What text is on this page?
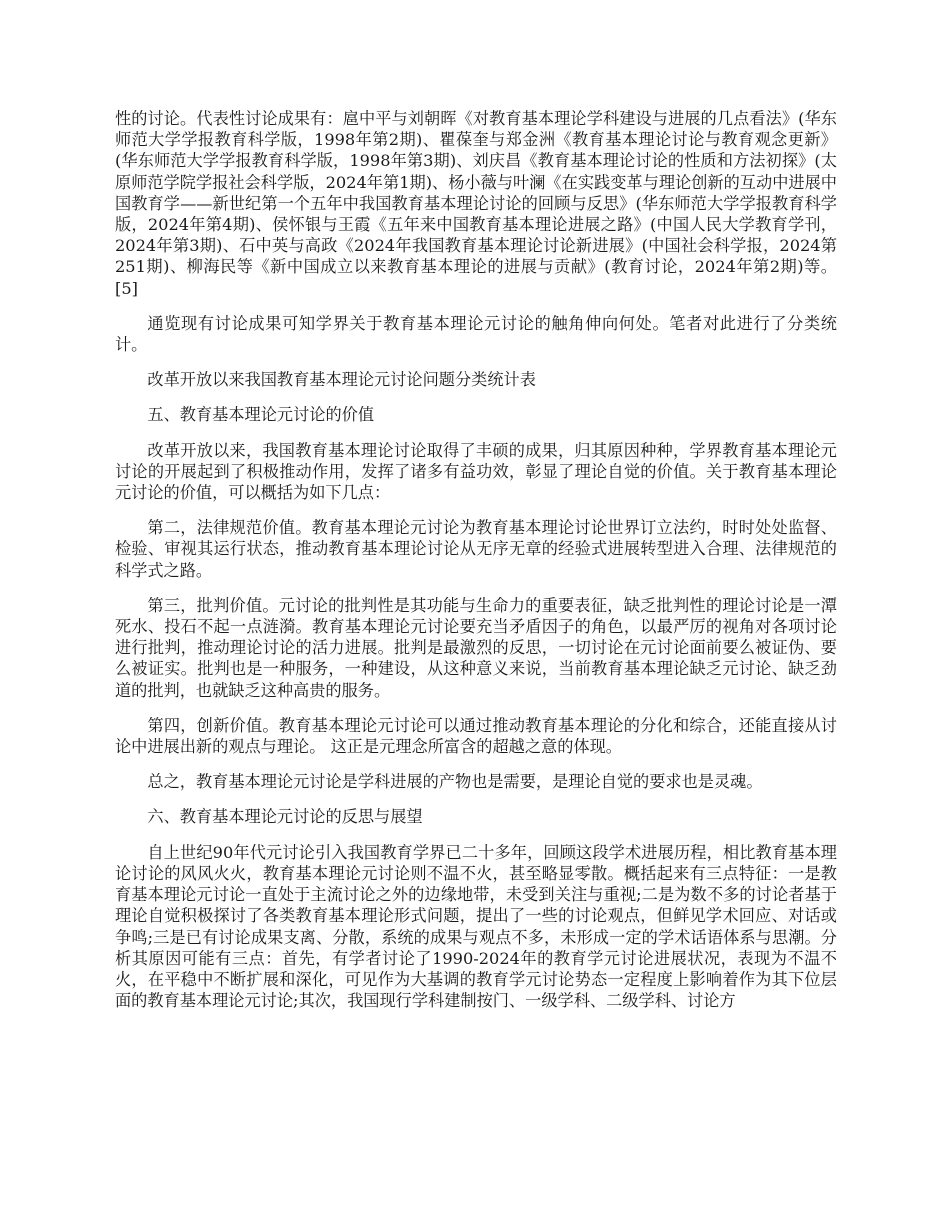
性的讨论。代表性讨论成果有：扈中平与刘朝晖《对教育基本理论学科建设与进展的几点看法》(华东师范大学学报教育科学版，1998年第2期)、瞿葆奎与郑金洲《教育基本理论讨论与教育观念更新》(华东师范大学学报教育科学版，1998年第3期)、刘庆昌《教育基本理论讨论的性质和方法初探》(太原师范学院学报社会科学版，2024年第1期)、杨小薇与叶澜《在实践变革与理论创新的互动中进展中国教育学——新世纪第一个五年中我国教育基本理论讨论的回顾与反思》(华东师范大学学报教育科学版，2024年第4期)、侯怀银与王霞《五年来中国教育基本理论进展之路》(中国人民大学教育学刊，2024年第3期)、石中英与高政《2024年我国教育基本理论讨论新进展》(中国社会科学报，2024第251期)、柳海民等《新中国成立以来教育基本理论的进展与贡献》(教育讨论，2024年第2期)等。[5]

通览现有讨论成果可知学界关于教育基本理论元讨论的触角伸向何处。笔者对此进行了分类统计。

改革开放以来我国教育基本理论元讨论问题分类统计表

五、教育基本理论元讨论的价值

改革开放以来，我国教育基本理论讨论取得了丰硕的成果，归其原因种种，学界教育基本理论元讨论的开展起到了积极推动作用，发挥了诸多有益功效，彰显了理论自觉的价值。关于教育基本理论元讨论的价值，可以概括为如下几点：

第二，法律规范价值。教育基本理论元讨论为教育基本理论讨论世界订立法约，时时处处监督、检验、审视其运行状态，推动教育基本理论讨论从无序无章的经验式进展转型进入合理、法律规范的科学式之路。

第三，批判价值。元讨论的批判性是其功能与生命力的重要表征，缺乏批判性的理论讨论是一潭死水、投石不起一点涟漪。教育基本理论元讨论要充当矛盾因子的角色，以最严厉的视角对各项讨论进行批判，推动理论讨论的活力进展。批判是最激烈的反思，一切讨论在元讨论面前要么被证伪、要么被证实。批判也是一种服务，一种建设，从这种意义来说，当前教育基本理论缺乏元讨论、缺乏劲道的批判，也就缺乏这种高贵的服务。

第四，创新价值。教育基本理论元讨论可以通过推动教育基本理论的分化和综合，还能直接从讨论中进展出新的观点与理论。 这正是元理念所富含的超越之意的体现。

总之，教育基本理论元讨论是学科进展的产物也是需要，是理论自觉的要求也是灵魂。

六、教育基本理论元讨论的反思与展望

自上世纪90年代元讨论引入我国教育学界已二十多年，回顾这段学术进展历程，相比教育基本理论讨论的风风火火，教育基本理论元讨论则不温不火，甚至略显零散。概括起来有三点特征：一是教育基本理论元讨论一直处于主流讨论之外的边缘地带，未受到关注与重视;二是为数不多的讨论者基于理论自觉积极探讨了各类教育基本理论形式问题，提出了一些的讨论观点，但鲜见学术回应、对话或争鸣;三是已有讨论成果支离、分散，系统的成果与观点不多，未形成一定的学术话语体系与思潮。分析其原因可能有三点：首先，有学者讨论了1990-2024年的教育学元讨论进展状况，表现为不温不火，在平稳中不断扩展和深化，可见作为大基调的教育学元讨论势态一定程度上影响着作为其下位层面的教育基本理论元讨论;其次，我国现行学科建制按门、一级学科、二级学科、讨论方
